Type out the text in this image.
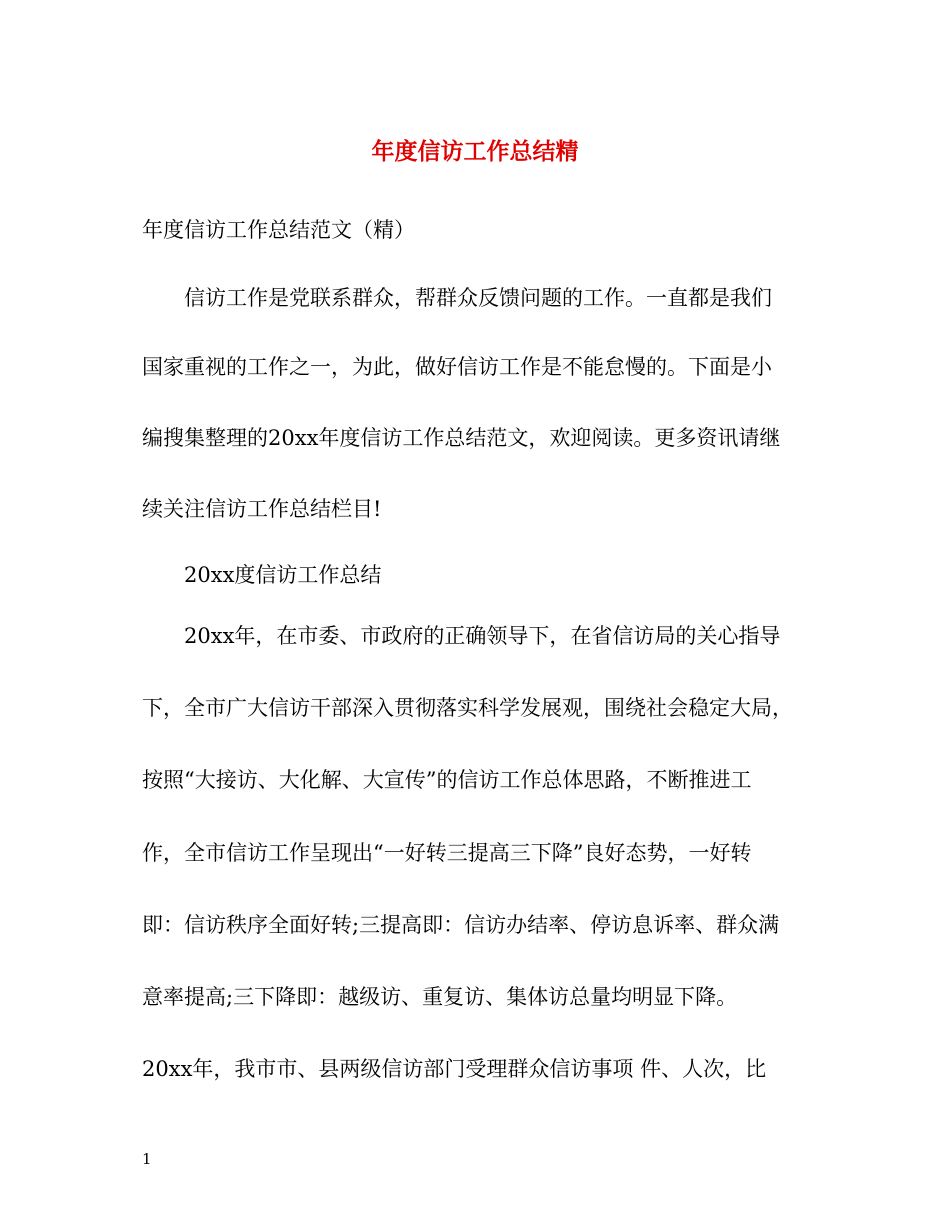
年度信访工作总结精
年度信访工作总结范文（精）
信访工作是党联系群众，帮群众反馈问题的工作。一直都是我们
国家重视的工作之一，为此，做好信访工作是不能怠慢的。下面是小
编搜集整理的20xx年度信访工作总结范文，欢迎阅读。更多资讯请继
续关注信访工作总结栏目!
20xx度信访工作总结
20xx年，在市委、市政府的正确领导下，在省信访局的关心指导
下，全市广大信访干部深入贯彻落实科学发展观，围绕社会稳定大局，
按照“大接访、大化解、大宣传”的信访工作总体思路，不断推进工
作，全市信访工作呈现出“一好转三提高三下降”良好态势，一好转
即：信访秩序全面好转;三提高即：信访办结率、停访息诉率、群众满
意率提高;三下降即：越级访、重复访、集体访总量均明显下降。
20xx年，我市市、县两级信访部门受理群众信访事项 件、人次，比
1
